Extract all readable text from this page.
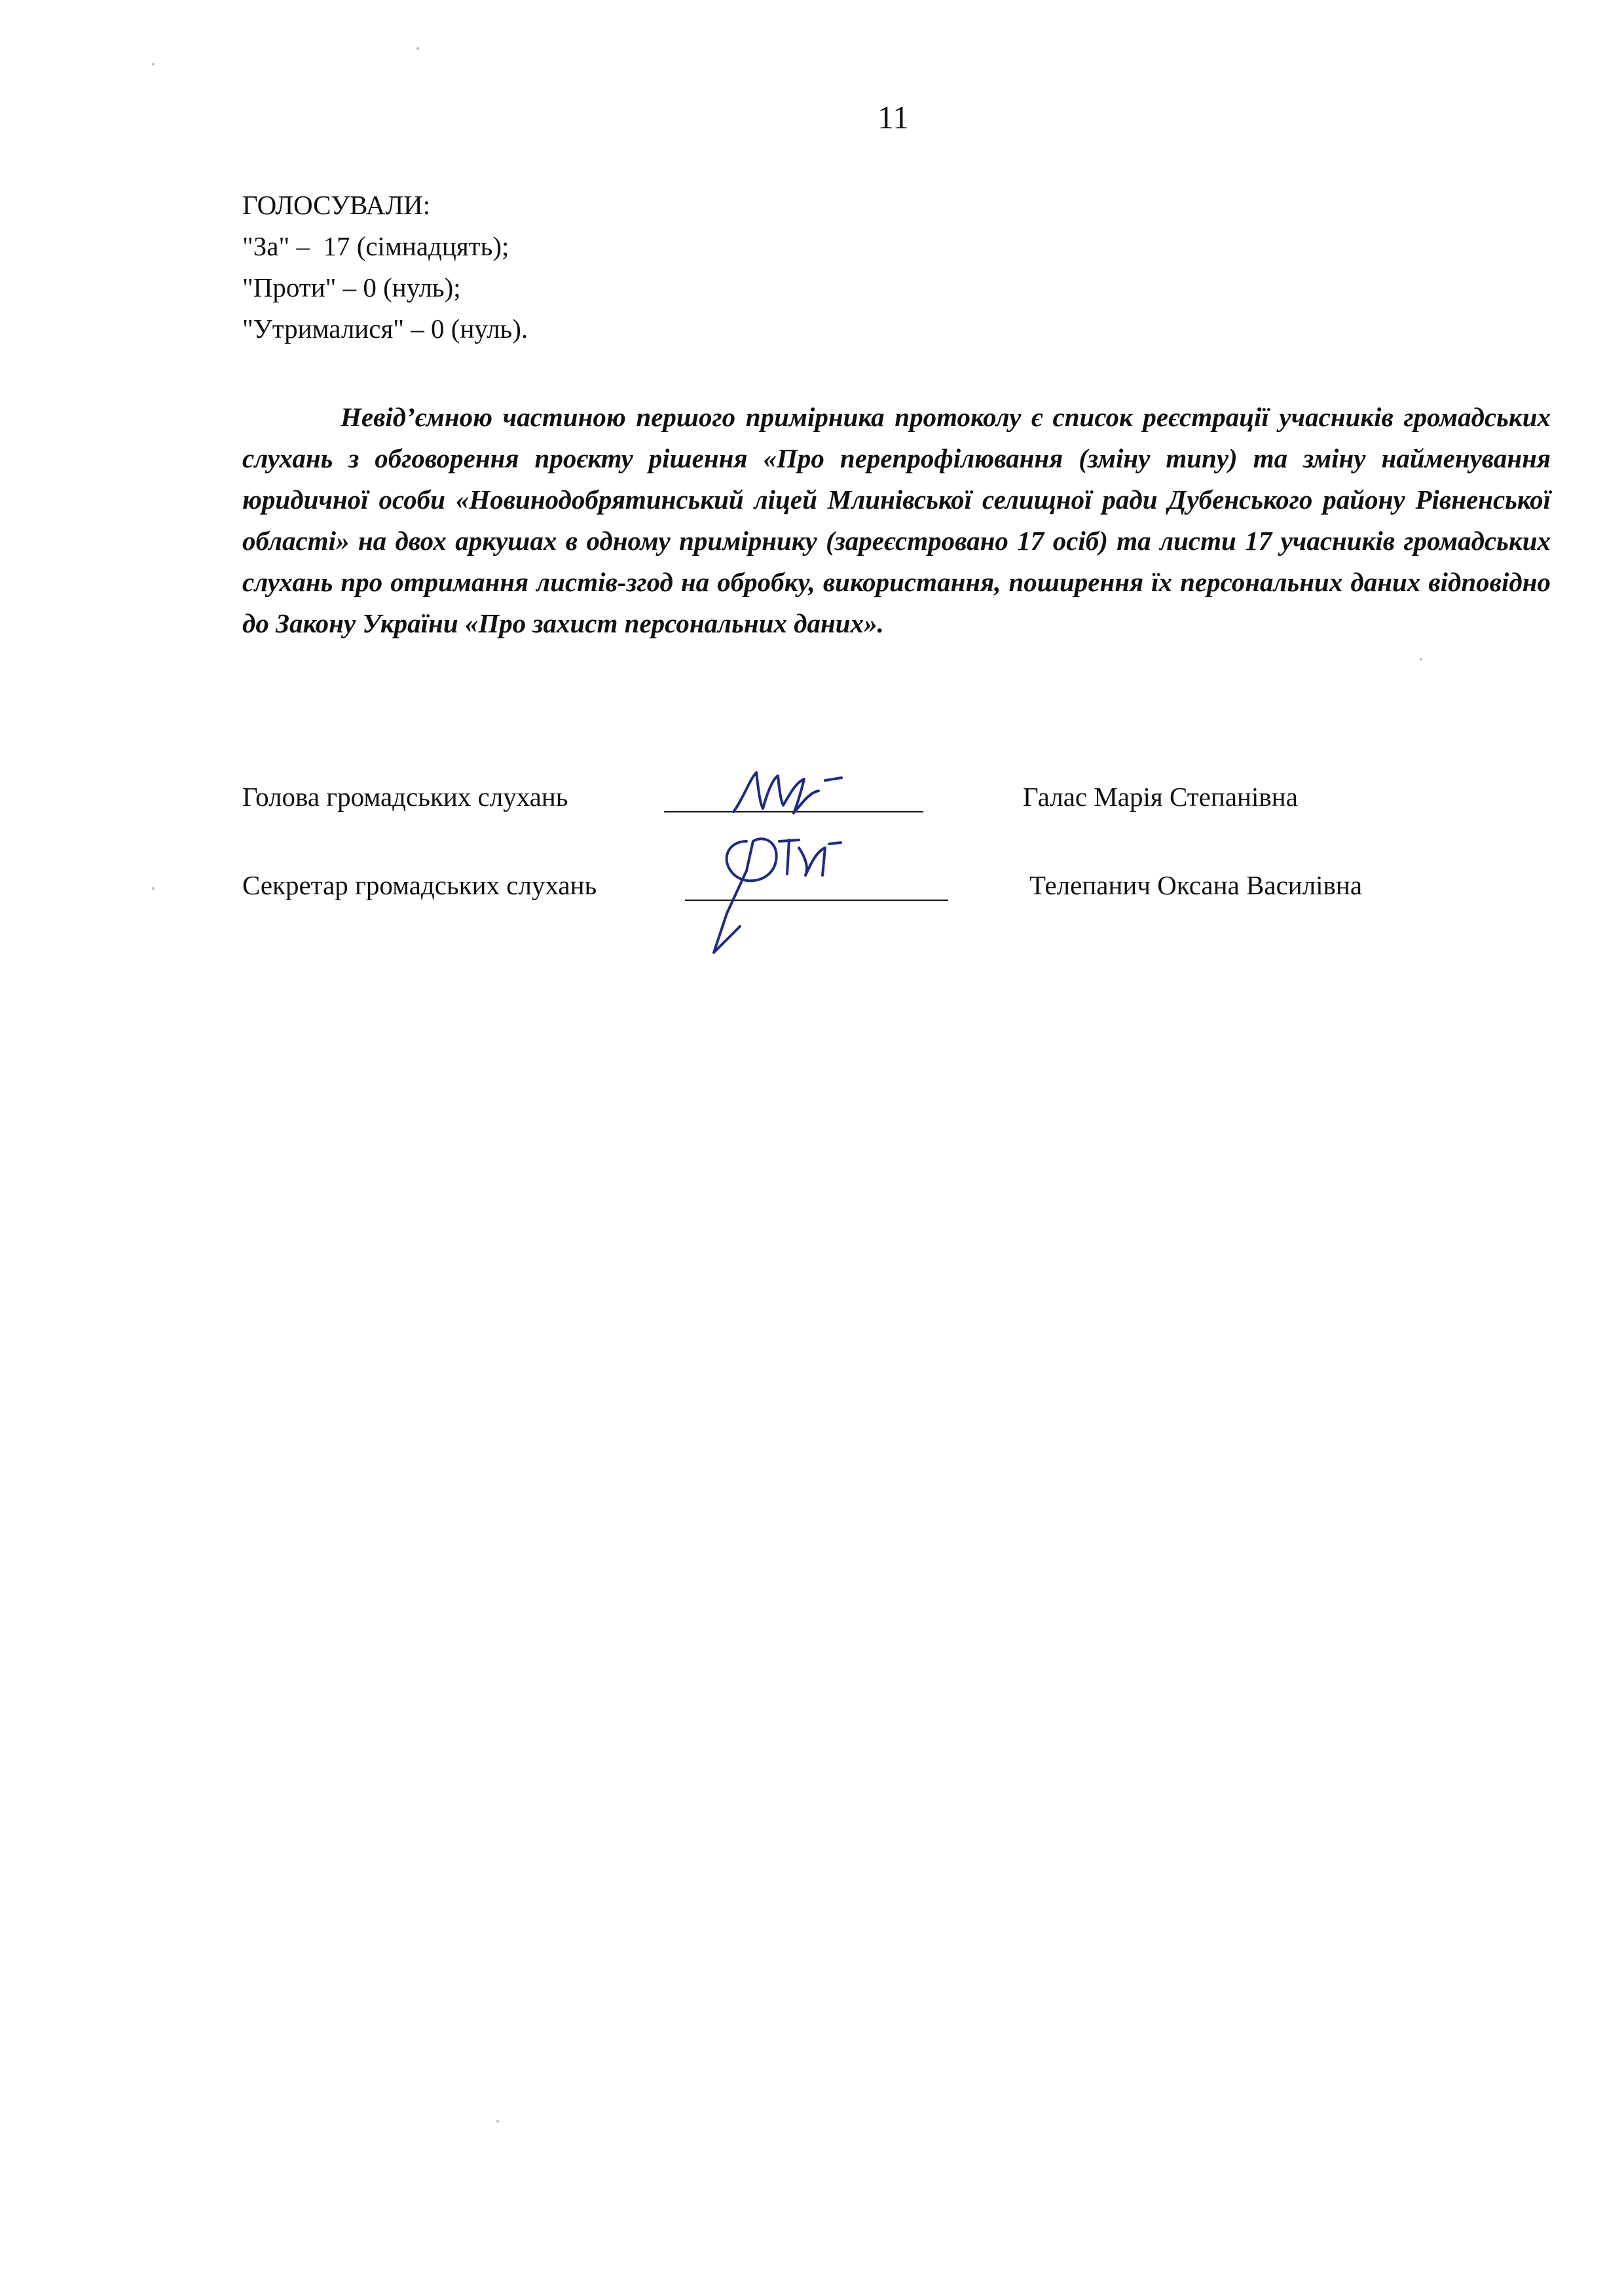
11
ГОЛОСУВАЛИ:
"За" –  17 (сімнадцять);
"Проти" – 0 (нуль);
"Утрималися" – 0 (нуль).
Невід’ємною частиною першого примірника протоколу є список реєстрації учасників громадських слухань з обговорення проєкту рішення «Про перепрофілювання (зміну типу) та зміну найменування юридичної особи «Новинодобрятинський ліцей Млинівської селищної ради Дубенського району Рівненської області» на двох аркушах в одному примірнику (зареєстровано 17 осіб) та листи 17 учасників громадських слухань про отримання листів-згод на обробку, використання, поширення їх персональних даних відповідно до Закону України «Про захист персональних даних».
Голова громадських слухань	Галас Марія Степанівна
Секретар громадських слухань	Телепанич Оксана Василівна
